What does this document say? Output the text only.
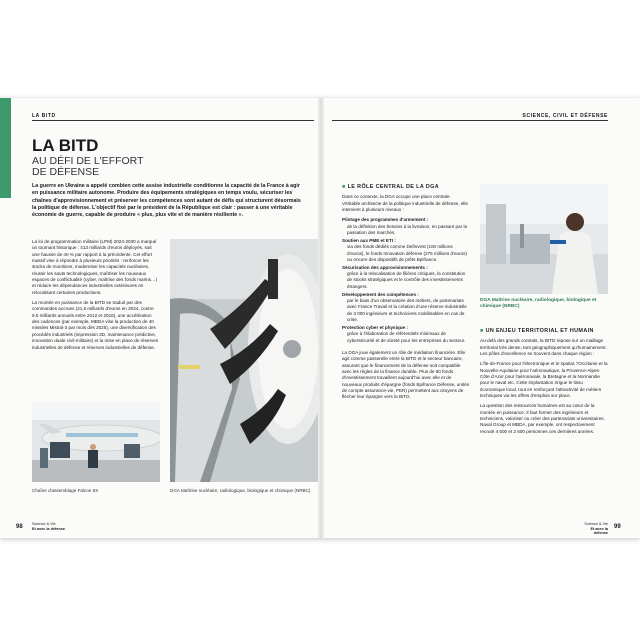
LA BITD	SCIENCE, CIVIL ET DÉFENSE
LA BITD

AU DÉFI DE L'EFFORT

DE DÉFENSE

La guerre en Ukraine a appelé combien cette assise industrielle conditionne la capacité de la France à agir en puissance militaire autonome. Produire des équipements stratégiques en temps voulu, sécuriser les chaînes d'approvisionnement et préserver les compétences sont autant de défis qui structurent désormais la politique de défense. L'objectif fixé par le président de la République est clair : passer à une véritable économie de guerre, capable de produire « plus, plus vite et de manière résiliente ».

La loi de programmation militaire (LPM) 2024-2030 a marqué un tournant historique : 413 milliards d'euros déployés, soit une hausse de 40 % par rapport à la précédente. Cet effort massif vise à répondre à plusieurs priorités : renforcer les stocks de munitions, moderniser les capacités nucléaires, réussir les sauts technologiques, maîtriser les nouveaux espaces de conflictualité (cyber, maîtrise des fonds marins…) et réduire les dépendances industrielles extérieures en relocalisant certaines productions.

La montée en puissance de la BITD se traduit par des commandes accrues (21,6 milliards d'euros en 2024, contre 9,5 milliards annuels entre 2012 et 2016), une accélération des cadences (par exemple, MBDA vise la production de 40 missiles Mistral-3 par mois dès 2025), une diversification des procédés industriels (impression 3D, maintenance prédictive, innovation duale civil-militaire) et la mise en place de réserves industrielles de défense et réserves industrielles de défense.

Chaîne d'assemblage Falcon 6X	DGA Maîtrise nucléaire, radiologique, biologique et chimique (NRBC)
■ LE RÔLE CENTRAL DE LA DGA

Dans ce contexte, la DGA occupe une place centrale. Véritable architecte de la politique industrielle de défense, elle intervient à plusieurs niveaux :

Pilotage des programmes d'armement :
de la définition des besoins à la livraison, en passant par la passation des marchés.
Soutien aux PME et ETI :
via des fonds dédiés comme Definvest (100 millions d'euros), le fonds Innovation défense (275 millions d'euros) ou encore des dispositifs de prêts Bpifrance.
Sécurisation des approvisionnements :
grâce à la relocalisation de filières critiques, la constitution de stocks stratégiques et le contrôle des investissements étrangers.
Développement des compétences :
par le biais d'un observatoire des métiers, de partenariats avec France Travail et la création d'une réserve industrielle de 3 000 ingénieurs et techniciens mobilisables en cas de crise.
Protection cyber et physique :
grâce à l'élaboration de référentiels minimaux de cybersécurité et de sûreté pour les entreprises du secteur.

La DGA joue également un rôle de médiation financière. Elle agit comme passerelle entre la BITD et le secteur bancaire, assurant que le financement de la défense soit compatible avec les règles de la finance durable. Plus de 50 fonds d'investissement travaillent aujourd'hui avec elle et de nouveaux produits d'épargne (fonds Bpifrance Défense, unités de compte assurance-vie, PER) permettent aux citoyens de flécher leur épargne vers la BITD.

DGA Maîtrise nucléaire, radiologique, biologique et chimique (NRBC)
■ UN ENJEU TERRITORIAL ET HUMAIN

Au-delà des grands contrats, la BITD repose sur un maillage territorial très dense, tant géographiquement qu'humainement. Les pôles d'excellence se trouvent dans chaque région :

L'Île-de-France pour l'électronique et le spatial, l'Occitanie et la Nouvelle-Aquitaine pour l'aéronautique, la Provence-Alpes-Côte d'Azur pour l'aéronavale, la Bretagne et la Normandie pour le naval etc. Cette implantation irrigue le tissu économique local, tout en renforçant l'attractivité de métiers techniques via les offres d'emplois sur place.

La question des ressources humaines est au cœur de la montée en puissance. Il faut former des ingénieurs et techniciens, valoriser ou créer des partenariats universitaires. Naval Group et MBDA, par exemple, ont respectivement recruté 4 500 et 2 600 personnes ces dernières années.

98 Science & Vie
Et avec la défense
Science & Vie
Et avec la défense
99
